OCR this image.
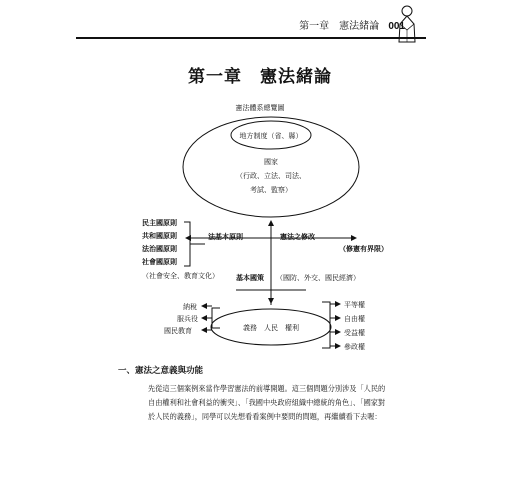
第一章　憲法緒論 001
第一章　憲法緒論
憲法體系總覽圖
地方制度（省、縣）
國家
（行政、立法、司法、
考試、監察）
民主國原則
共和國原則
法治國原則
社會國原則
（社會安全、教育文化）
法基本原則	憲法之修改
（修憲有界限）
基本國策 （國防、外交、國民經濟）
納稅
服兵役
國民教育	義務　人民　權利
平等權
自由權
受益權
參政權
一、憲法之意義與功能
先從這三個案例來當作學習憲法的前導開題。這三個問題分別涉及「人民的
自由權利和社會利益的衝突」、「我國中央政府組織中總統的角色」、「國家對
於人民的義務」，同學可以先想看看案例中要問的問題，再繼續看下去喔：
